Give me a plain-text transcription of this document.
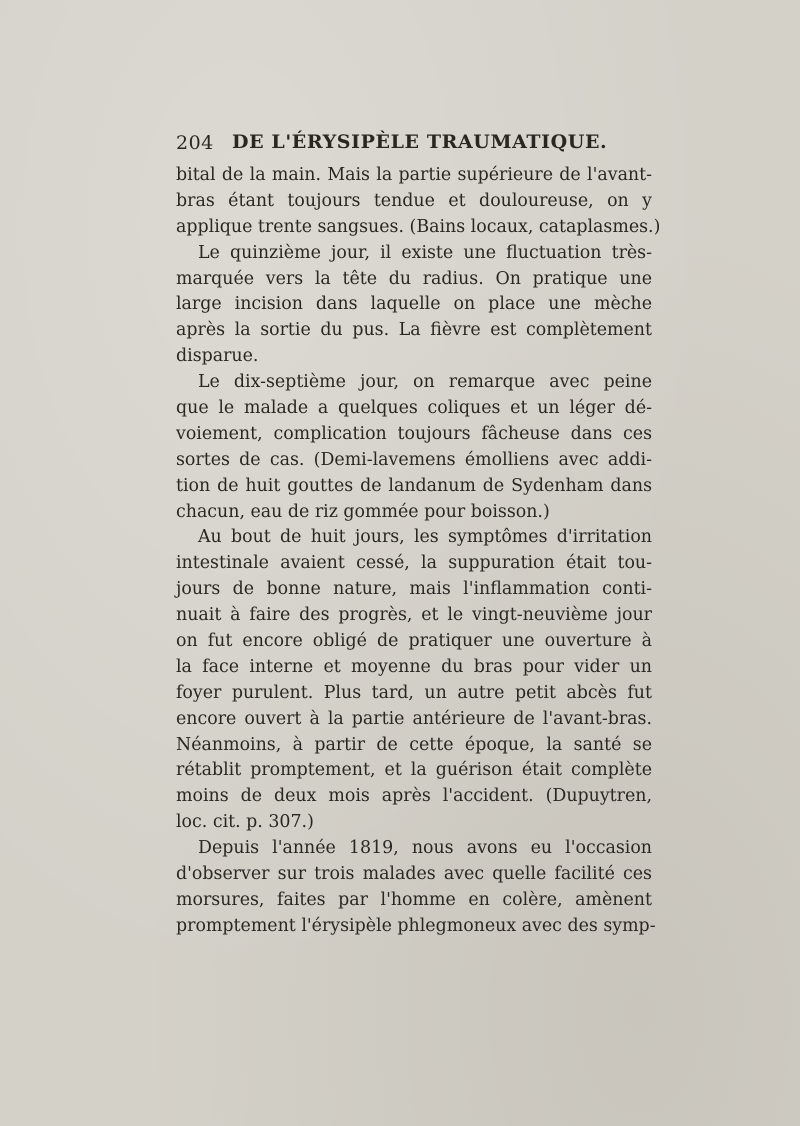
204 DE L'ÉRYSIPÈLE TRAUMATIQUE.
bital de la main. Mais la partie supérieure de l'avant-
bras étant toujours tendue et douloureuse, on y
applique trente sangsues. (Bains locaux, cataplasmes.)
Le quinzième jour, il existe une fluctuation très-
marquée vers la tête du radius. On pratique une
large incision dans laquelle on place une mèche
après la sortie du pus. La fièvre est complètement
disparue.
Le dix-septième jour, on remarque avec peine
que le malade a quelques coliques et un léger dé-
voiement, complication toujours fâcheuse dans ces
sortes de cas. (Demi-lavemens émolliens avec addi-
tion de huit gouttes de landanum de Sydenham dans
chacun, eau de riz gommée pour boisson.)
Au bout de huit jours, les symptômes d'irritation
intestinale avaient cessé, la suppuration était tou-
jours de bonne nature, mais l'inflammation conti-
nuait à faire des progrès, et le vingt-neuvième jour
on fut encore obligé de pratiquer une ouverture à
la face interne et moyenne du bras pour vider un
foyer purulent. Plus tard, un autre petit abcès fut
encore ouvert à la partie antérieure de l'avant-bras.
Néanmoins, à partir de cette époque, la santé se
rétablit promptement, et la guérison était complète
moins de deux mois après l'accident. (Dupuytren,
loc. cit. p. 307.)
Depuis l'année 1819, nous avons eu l'occasion
d'observer sur trois malades avec quelle facilité ces
morsures, faites par l'homme en colère, amènent
promptement l'érysipèle phlegmoneux avec des symp-
